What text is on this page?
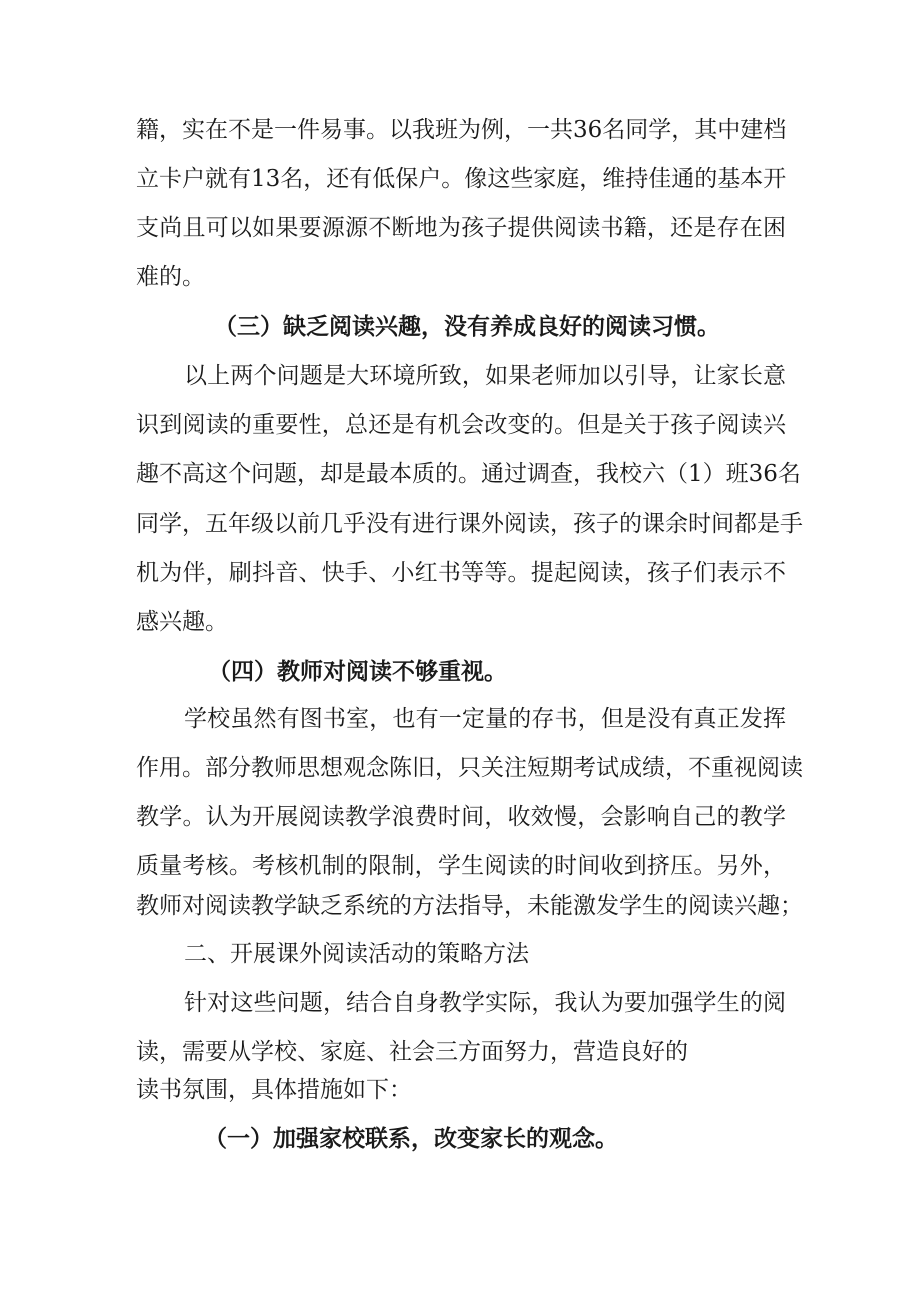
籍，实在不是一件易事。以我班为例，一共36名同学，其中建档
立卡户就有13名，还有低保户。像这些家庭，维持佳通的基本开
支尚且可以如果要源源不断地为孩子提供阅读书籍，还是存在困
难的。
（三）缺乏阅读兴趣，没有养成良好的阅读习惯。
以上两个问题是大环境所致，如果老师加以引导，让家长意
识到阅读的重要性，总还是有机会改变的。但是关于孩子阅读兴
趣不高这个问题，却是最本质的。通过调查，我校六（1）班36名
同学，五年级以前几乎没有进行课外阅读，孩子的课余时间都是手
机为伴，刷抖音、快手、小红书等等。提起阅读，孩子们表示不
感兴趣。
（四）教师对阅读不够重视。
学校虽然有图书室，也有一定量的存书，但是没有真正发挥
作用。部分教师思想观念陈旧，只关注短期考试成绩，不重视阅读
教学。认为开展阅读教学浪费时间，收效慢，会影响自己的教学
质量考核。考核机制的限制，学生阅读的时间收到挤压。另外，
教师对阅读教学缺乏系统的方法指导，未能激发学生的阅读兴趣；
二、开展课外阅读活动的策略方法
针对这些问题，结合自身教学实际，我认为要加强学生的阅
读，需要从学校、家庭、社会三方面努力，营造良好的
读书氛围，具体措施如下：
（一）加强家校联系，改变家长的观念。
